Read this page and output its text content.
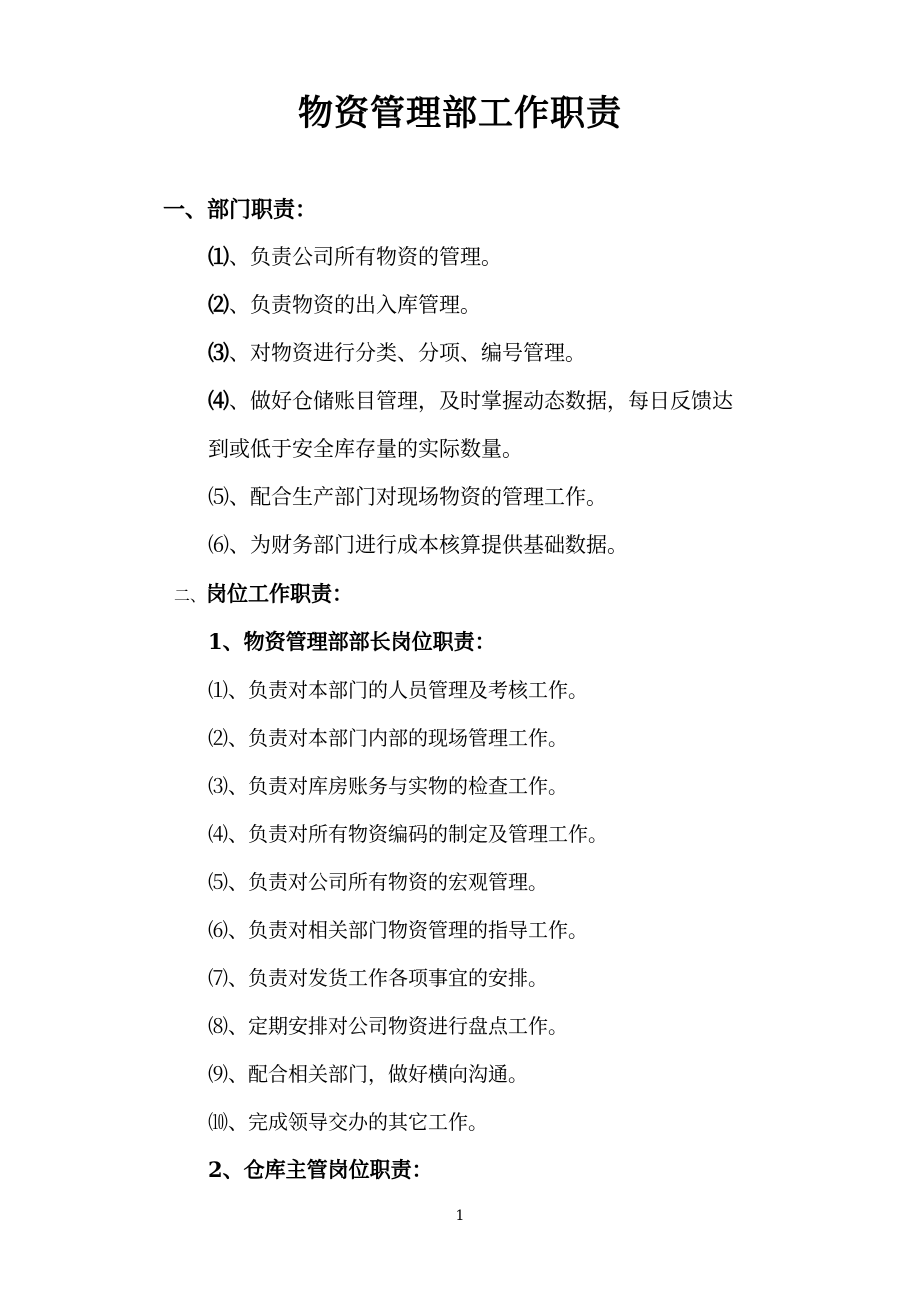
物资管理部工作职责
一、部门职责：
⑴、负责公司所有物资的管理。
⑵、负责物资的出入库管理。
⑶、对物资进行分类、分项、编号管理。
⑷、做好仓储账目管理，及时掌握动态数据，每日反馈达
到或低于安全库存量的实际数量。
⑸、配合生产部门对现场物资的管理工作。
⑹、为财务部门进行成本核算提供基础数据。
二、岗位工作职责：
1、物资管理部部长岗位职责：
⑴、负责对本部门的人员管理及考核工作。
⑵、负责对本部门内部的现场管理工作。
⑶、负责对库房账务与实物的检查工作。
⑷、负责对所有物资编码的制定及管理工作。
⑸、负责对公司所有物资的宏观管理。
⑹、负责对相关部门物资管理的指导工作。
⑺、负责对发货工作各项事宜的安排。
⑻、定期安排对公司物资进行盘点工作。
⑼、配合相关部门，做好横向沟通。
⑽、完成领导交办的其它工作。
2、仓库主管岗位职责：
1
